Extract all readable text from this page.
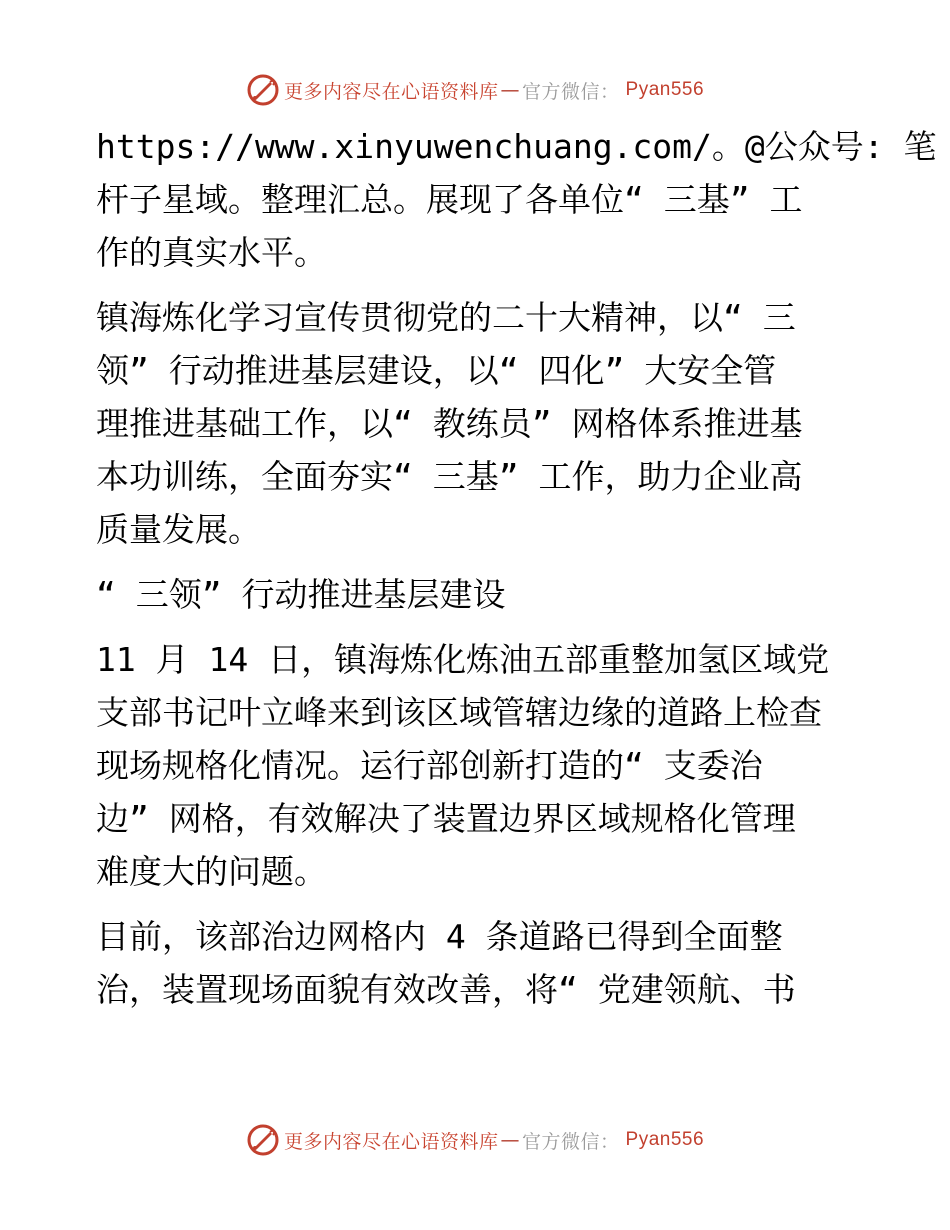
更多内容尽在心语资料库 — 官方微信 ： Pyan556
https://www.xinyuwenchuang.com/。@公众号: 笔
杆子星域。整理汇总。展现了各单位“ 三基” 工
作的真实水平。
镇海炼化学习宣传贯彻党的二十大精神，以“ 三
领” 行动推进基层建设，以“ 四化” 大安全管
理推进基础工作，以“ 教练员” 网格体系推进基
本功训练，全面夯实“ 三基” 工作，助力企业高
质量发展。
“ 三领” 行动推进基层建设
11 月 14 日，镇海炼化炼油五部重整加氢区域党
支部书记叶立峰来到该区域管辖边缘的道路上检查
现场规格化情况。运行部创新打造的“ 支委治
边” 网格，有效解决了装置边界区域规格化管理
难度大的问题。
目前，该部治边网格内 4 条道路已得到全面整
治，装置现场面貌有效改善，将“ 党建领航、书
更多内容尽在心语资料库 — 官方微信 ： Pyan556
